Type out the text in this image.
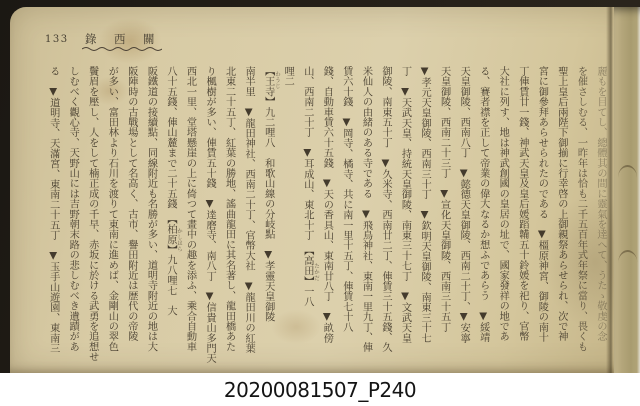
133 錄西關
麗もを目てし、總體其の間に靈氣を逹へて、うたゝ敬虔の念
を催さしむる、一昨年は恰も二千五百年式年祭に當り、畏くも
聖上皇后兩陛下御揃に行幸啓の上御親祭あらせられ、次で神
宮に御參拜あらせられたのである　▼橿原神宮、御陵の南十
丁俥賃廿一錢、神武天皇及皇后媛蹈韛五十鈴媛を祀り、官幣
大社に列す、地は神武創國の皇居の址で、國家發祥の地であ
る、賽者襟を正して帝業の偉大なるか想ふであらう　▼綏靖
天皇御陵、西南八丁　▼懿德天皇御陵、西南二十丁、▼安寧
天皇御陵、西南二十三丁　▼宣化天皇御陵、西南三十五丁
▼孝元天皇御陵、西南三十丁　▼欽明天皇御陵、南東三十七
丁　▼天武天皇、持統天皇御陵、南東三十七丁　▼文武天皇
御陵、南東五十丁　▼久米寺、西南廿二丁、俥賃三十五錢、久
米仙人の由緒のある寺である　▼飛鳥神社、東南一里九丁、俥
賃六十錢　▼岡寺、橘寺、共に南一里十五丁、俥賃七十八
錢、自動車賃六十五錢　▼天の香具山、東南廿八丁　▼畝傍
山、西南二十丁　▼耳成山、東北十丁　【高田】一八
哩二
【王寺】九二哩八　和歌山線の分岐點　▼孝靈天皇御陵
南半里　▼龍田神社、西南二十丁、官幣大社　▼龍田川の紅葉
北東二十五丁、紅葉の勝地、謠曲龍田に其名著し、龍田橋あた
り楓樹が多い、俥賃五十錢　▼逹磨寺、南八丁　▼信貴山多門天
西北一里、堂塔懸崖の上に倚つて畫中の趣を添ふ、乘合自動車
八十五錢、俥山麓まで二十五錢　【柏原】九八哩七　大
阪鐵道の接續點、同線附近も名勝が多い、道明寺附近の地は大
阪陣時の古戰場として名高く、古市、譽田附近は歴代の帝陵
が多い、富田林より石川を渡りて東南に進めば、金剛山の翠色
鬢眉を壓し、人をして楠正成の千早、赤坂に於ける武勇を追想せ
しむべく觀心寺、天野山には吉野朝末路の悲しむべき遺蹟があ
る　▼道明寺、天滿宮、東南二十五丁　▼玉手山遊園、東南三	たかだ
わうじ
かしはら
20200081507_P240
